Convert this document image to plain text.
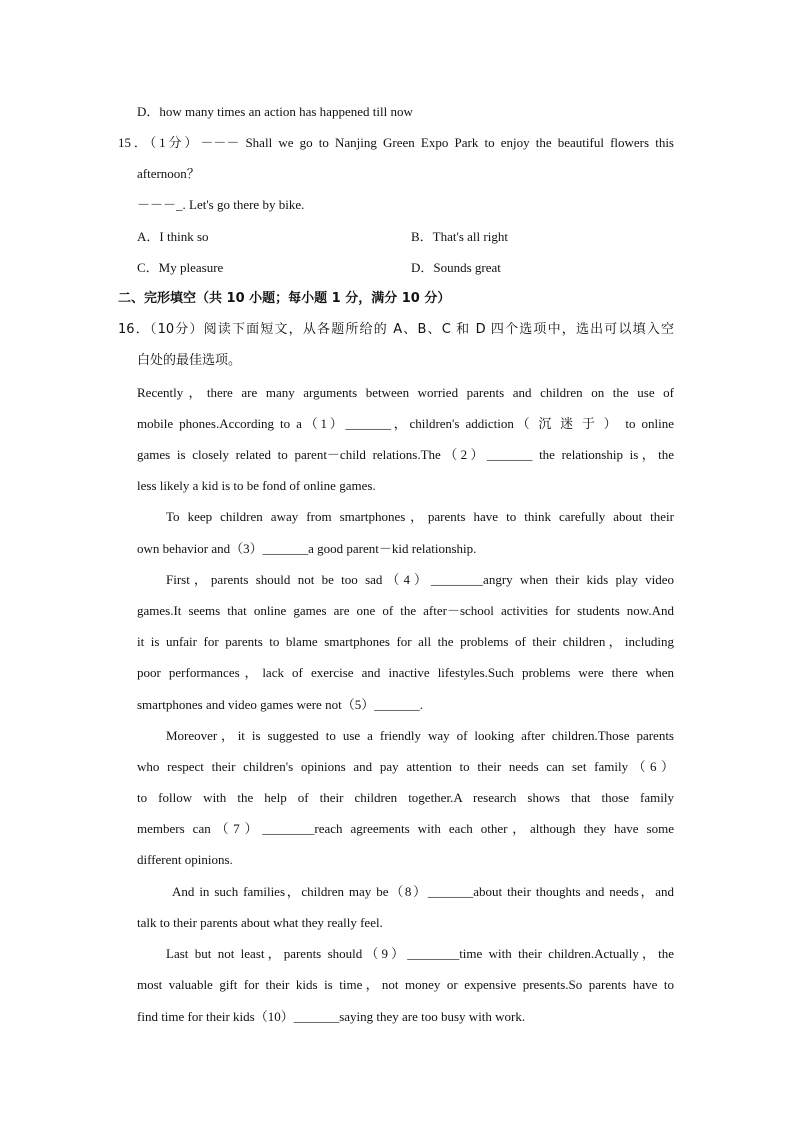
D．how many times an action has happened till now
15．（1分）－－－ Shall we go to Nanjing Green Expo Park to enjoy the beautiful flowers this
afternoon？
－－－_. Let's go there by bike.
A．I think so	B．That's all right
C．My pleasure	D．Sounds great
二、完形填空（共 10 小题；每小题 1 分，满分 10 分）
16．（10分）阅读下面短文，从各题所给的 A、B、C 和 D 四个选项中，选出可以填入空
白处的最佳选项。
Recently，there are many arguments between worried parents and children on the use of
mobile phones.According to a（1）_______，children's addiction（ 沉 迷 于 ） to online
games is closely related to parent－child relations.The（2）_______ the relationship is，the
less likely a kid is to be fond of online games.
To keep children away from smartphones，parents have to think carefully about their
own behavior and（3）_______a good parent－kid relationship.
First，parents should not be too sad（4）________angry when their kids play video
games.It seems that online games are one of the after－school activities for students now.And
it is unfair for parents to blame smartphones for all the problems of their children，including
poor performances，lack of exercise and inactive lifestyles.Such problems were there when
smartphones and video games were not（5）_______.
Moreover，it is suggested to use a friendly way of looking after children.Those parents
who respect their children's opinions and pay attention to their needs can set family（6）
to follow with the help of their children together.A research shows that those family
members can（7）________reach agreements with each other，although they have some
different opinions.
And in such families，children may be（8）_______about their thoughts and needs，and
talk to their parents about what they really feel.
Last but not least，parents should（9）________time with their children.Actually，the
most valuable gift for their kids is time，not money or expensive presents.So parents have to
find time for their kids（10）_______saying they are too busy with work.
